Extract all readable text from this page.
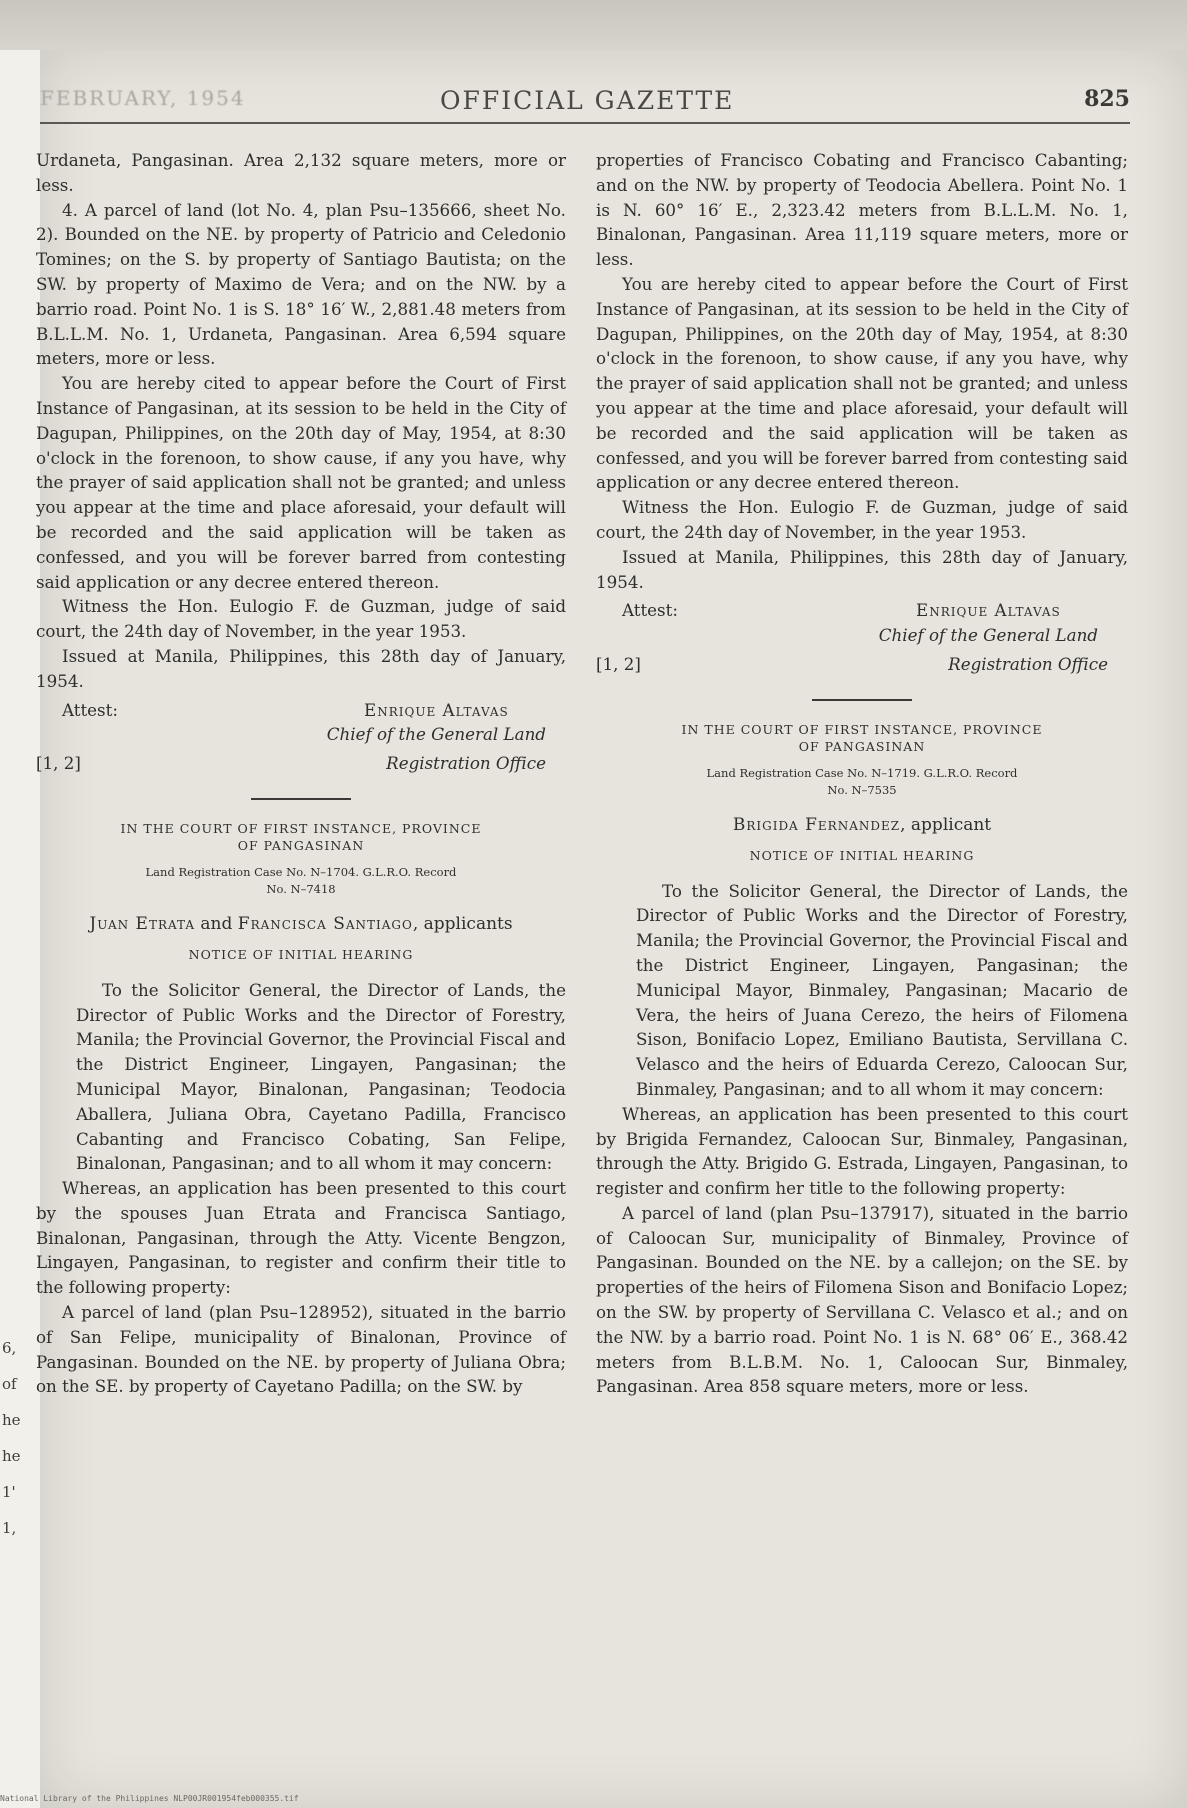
FEBRUARY, 1954	OFFICIAL GAZETTE	825

Urdaneta, Pangasinan. Area 2,132 square meters, more or less.

4. A parcel of land (lot No. 4, plan Psu–135666, sheet No. 2). Bounded on the NE. by property of Patricio and Celedonio Tomines; on the S. by property of Santiago Bautista; on the SW. by property of Maximo de Vera; and on the NW. by a barrio road. Point No. 1 is S. 18° 16′ W., 2,881.48 meters from B.L.L.M. No. 1, Urdaneta, Pangasinan. Area 6,594 square meters, more or less.

You are hereby cited to appear before the Court of First Instance of Pangasinan, at its session to be held in the City of Dagupan, Philippines, on the 20th day of May, 1954, at 8:30 o'clock in the forenoon, to show cause, if any you have, why the prayer of said application shall not be granted; and unless you appear at the time and place aforesaid, your default will be recorded and the said application will be taken as confessed, and you will be forever barred from contesting said application or any decree entered thereon.

Witness the Hon. Eulogio F. de Guzman, judge of said court, the 24th day of November, in the year 1953.

Issued at Manila, Philippines, this 28th day of January, 1954.

Attest:	Enrique Altavas
Chief of the General Land
[1, 2]	Registration Office
IN THE COURT OF FIRST INSTANCE, PROVINCE
OF PANGASINAN
Land Registration Case No. N–1704. G.L.R.O. Record
No. N–7418
Juan Etrata and Francisca Santiago, applicants
NOTICE OF INITIAL HEARING

To the Solicitor General, the Director of Lands, the Director of Public Works and the Director of Forestry, Manila; the Provincial Governor, the Provincial Fiscal and the District Engineer, Lingayen, Pangasinan; the Municipal Mayor, Binalonan, Pangasinan; Teodocia Aballera, Juliana Obra, Cayetano Padilla, Francisco Cabanting and Francisco Cobating, San Felipe, Binalonan, Pangasinan; and to all whom it may concern:

Whereas, an application has been presented to this court by the spouses Juan Etrata and Francisca Santiago, Binalonan, Pangasinan, through the Atty. Vicente Bengzon, Lingayen, Pangasinan, to register and confirm their title to the following property:

A parcel of land (plan Psu–128952), situated in the barrio of San Felipe, municipality of Binalonan, Province of Pangasinan. Bounded on the NE. by property of Juliana Obra; on the SE. by property of Cayetano Padilla; on the SW. by

properties of Francisco Cobating and Francisco Cabanting; and on the NW. by property of Teodocia Abellera. Point No. 1 is N. 60° 16′ E., 2,323.42 meters from B.L.L.M. No. 1, Binalonan, Pangasinan. Area 11,119 square meters, more or less.

You are hereby cited to appear before the Court of First Instance of Pangasinan, at its session to be held in the City of Dagupan, Philippines, on the 20th day of May, 1954, at 8:30 o'clock in the forenoon, to show cause, if any you have, why the prayer of said application shall not be granted; and unless you appear at the time and place aforesaid, your default will be recorded and the said application will be taken as confessed, and you will be forever barred from contesting said application or any decree entered thereon.

Witness the Hon. Eulogio F. de Guzman, judge of said court, the 24th day of November, in the year 1953.

Issued at Manila, Philippines, this 28th day of January, 1954.

Attest:	Enrique Altavas
Chief of the General Land
[1, 2]	Registration Office
IN THE COURT OF FIRST INSTANCE, PROVINCE
OF PANGASINAN
Land Registration Case No. N–1719. G.L.R.O. Record
No. N–7535
Brigida Fernandez, applicant
NOTICE OF INITIAL HEARING

To the Solicitor General, the Director of Lands, the Director of Public Works and the Director of Forestry, Manila; the Provincial Governor, the Provincial Fiscal and the District Engineer, Lingayen, Pangasinan; the Municipal Mayor, Binmaley, Pangasinan; Macario de Vera, the heirs of Juana Cerezo, the heirs of Filomena Sison, Bonifacio Lopez, Emiliano Bautista, Servillana C. Velasco and the heirs of Eduarda Cerezo, Caloocan Sur, Binmaley, Pangasinan; and to all whom it may concern:

Whereas, an application has been presented to this court by Brigida Fernandez, Caloocan Sur, Binmaley, Pangasinan, through the Atty. Brigido G. Estrada, Lingayen, Pangasinan, to register and confirm her title to the following property:

A parcel of land (plan Psu–137917), situated in the barrio of Caloocan Sur, municipality of Binmaley, Province of Pangasinan. Bounded on the NE. by a callejon; on the SE. by properties of the heirs of Filomena Sison and Bonifacio Lopez; on the SW. by property of Servillana C. Velasco et al.; and on the NW. by a barrio road. Point No. 1 is N. 68° 06′ E., 368.42 meters from B.L.B.M. No. 1, Caloocan Sur, Binmaley, Pangasinan. Area 858 square meters, more or less.

6,
of
he
he
1'
1,
National Library of the Philippines NLP00JR001954feb000355.tif
